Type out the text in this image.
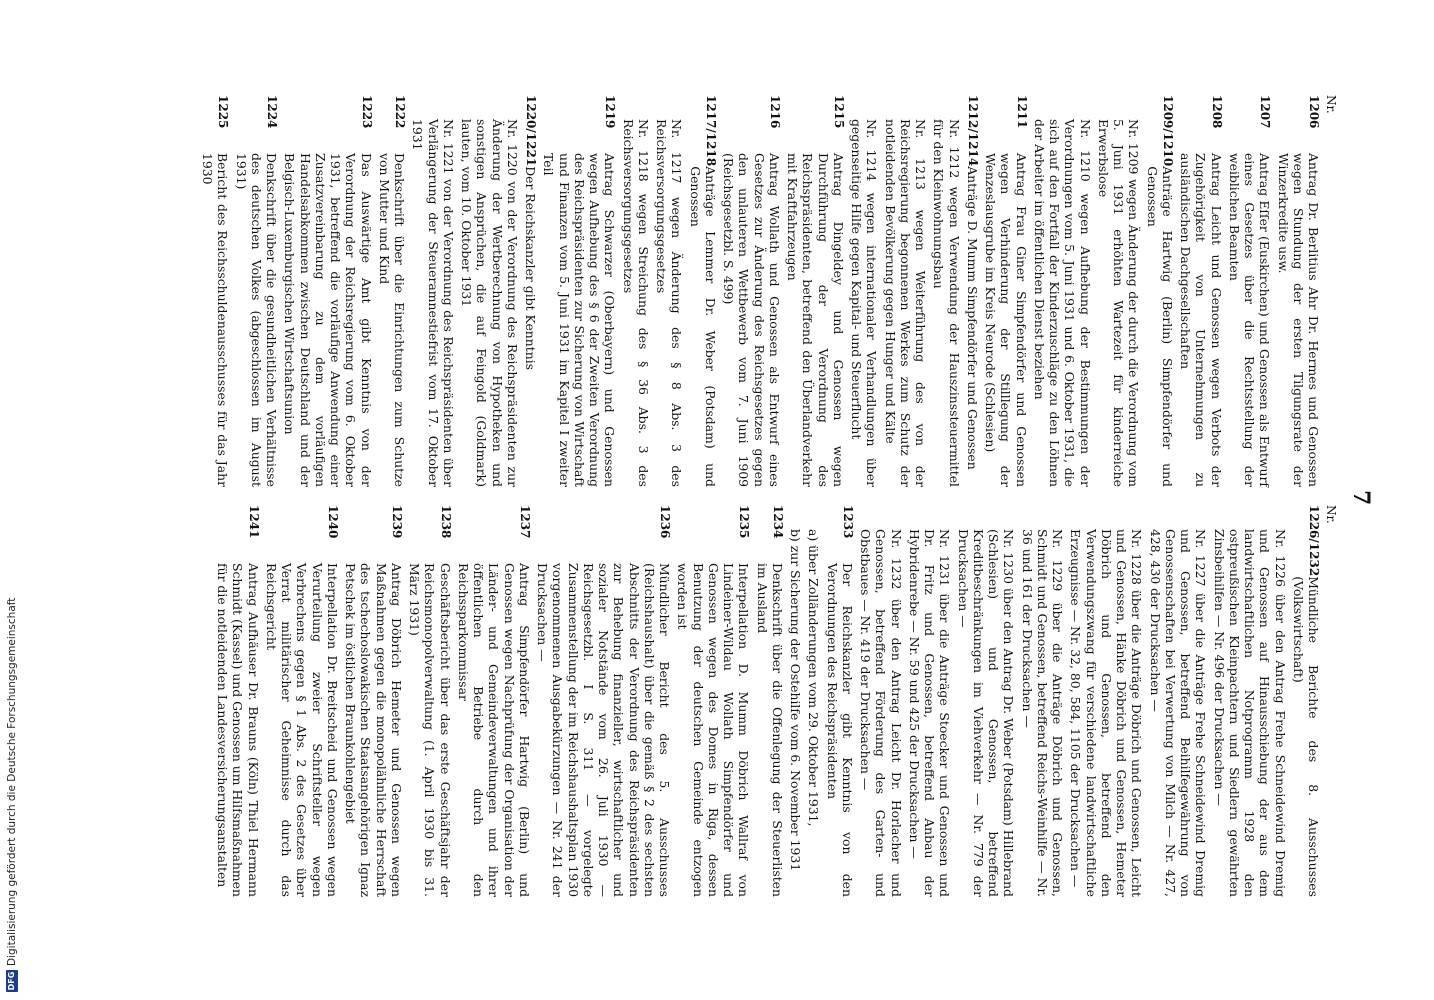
7
Nr.
1206
Antrag Dr. Berlitius Ahr Dr. Hermes und Genossen wegen Stundung der ersten Tilgungsrate der Winzerkredite usw.
1207
Antrag Eſſer (Euskirchen) und Genossen als Entwurf eines Gesetzes über die Rechtsstellung der weiblichen Beamten
1208
Antrag Leicht und Genossen wegen Verbots der Zugehörigkeit von Unternehmungen zu ausländischen Dachgesellschaften
1209/1210
Anträge Hartwig (Berlin) Simpfendörfer und Genossen
Nr. 1209 wegen Änderung der durch die Verordnung vom 5. Juni 1931 erhöhten Wartezeit für kinderreiche Erwerbslose
Nr. 1210 wegen Aufhebung der Bestimmungen der Verordnungen vom 5. Juni 1931 und 6. Oktober 1931, die sich auf den Fortfall der Kinderzuschläge zu den Löhnen der Arbeiter im öffentlichen Dienst beziehen
1211
Antrag Frau Giner Simpfendörfer und Genossen wegen Verhinderung der Stilllegung der Wenzeslausgrube im Kreis Neurode (Schlesien)
1212/1214
Anträge D. Mumm Simpfendörfer und Genossen
Nr. 1212 wegen Verwendung der Hauszinssteuermittel für den Kleinwohnungsbau
Nr. 1213 wegen Weiterführung des von der Reichsregierung begonnenen Werkes zum Schutz der notleidenden Bevölkerung gegen Hunger und Kälte
Nr. 1214 wegen internationaler Verhandlungen über gegenseitige Hilfe gegen Kapital- und Steuerflucht
1215
Antrag Dingeldey und Genossen wegen Durchführung der Verordnung des Reichspräsidenten, betreffend den Überlandverkehr mit Kraftfahrzeugen
1216
Antrag Wollath und Genossen als Entwurf eines Gesetzes zur Änderung des Reichsgesetzes gegen den unlauteren Wettbewerb vom 7. Juni 1909 (Reichsgesetzbl. S. 499)
1217/1218
Anträge Lemmer Dr. Weber (Potsdam) und Genossen
Nr. 1217 wegen Änderung des § 8 Abs. 3 des Reichsversorgungsgesetzes
Nr. 1218 wegen Streichung des § 36 Abs. 3 des Reichsversorgungsgesetzes
1219
Antrag Schwarzer (Oberbayern) und Genossen wegen Aufhebung des § 6 der Zweiten Verordnung des Reichspräsidenten zur Sicherung von Wirtschaft und Finanzen vom 5. Juni 1931 im Kapitel I zweiter Teil
1220/1221
Der Reichskanzler gibt Kenntnis
Nr. 1220 von der Verordnung des Reichspräsidenten zur Änderung der Wertberechnung von Hypotheken und sonstigen Ansprüchen, die auf Feingold (Goldmark) lauten, vom 10. Oktober 1931
Nr. 1221 von der Verordnung des Reichspräsidenten über Verlängerung der Steueramnestiefrist vom 17. Oktober 1931
1222
Denkschrift über die Einrichtungen zum Schutze von Mutter und Kind
1223
Das Auswärtige Amt gibt Kenntnis von der Verordnung der Reichsregierung vom 6. Oktober 1931, betreffend die vorläufige Anwendung einer Zusatzvereinbarung zu dem vorläufigen Handelsabkommen zwischen Deutschland und der Belgisch-Luxemburgischen Wirtschaftsunion
1224
Denkschrift über die gesundheitlichen Verhältnisse des deutschen Volkes (abgeschlossen im August 1931)
1225
Bericht des Reichsschuldenausschusses für das Jahr 1930
Nr.
1226/1232
Mündliche Berichte des 8. Ausschusses (Volkswirtschaft)
Nr. 1226 über den Antrag Frehe Schneidewind Dremig und Genossen auf Hinausschiebung der aus dem landwirtschaftlichen Notprogramm 1928 den ostpreußischen Kleinpachtern und Siedlern gewährten Zinsbeihilfen — Nr. 496 der Drucksachen —
Nr. 1227 über die Anträge Frehe Schneidewind Dremig und Genossen, betreffend Beihilfegewährung von Genossenschaften bei Verwertung von Milch — Nr. 427, 428, 430 der Drucksachen —
Nr. 1228 über die Anträge Döbrich und Genossen, Leicht und Genossen, Hänke Döbrich und Genossen, Hemeter Döbrich und Genossen, betreffend den Verwendungszwang für verschiedene landwirtschaftliche Erzeugnisse — Nr. 32, 80, 584, 1105 der Drucksachen —
Nr. 1229 über die Anträge Döbrich und Genossen, Schmidt und Genossen, betreffend Reichs-Weinhilfe — Nr. 36 und 161 der Drucksachen —
Nr. 1230 über den Antrag Dr. Weber (Potsdam) Hillebrand (Schlesien) und Genossen, betreffend Kreditbeschränkungen im Viehverkehr — Nr. 779 der Drucksachen —
Nr. 1231 über die Anträge Stoecker und Genossen und Dr. Fritz und Genossen, betreffend Anbau der Hybridenrebe — Nr. 59 und 425 der Drucksachen —
Nr. 1232 über den Antrag Leicht Dr. Horlacher und Genossen, betreffend Förderung des Garten- und Obstbaues — Nr. 419 der Drucksachen —
1233
Der Reichskanzler gibt Kenntnis von den Verordnungen des Reichspräsidenten
a) über Zolländerungen vom 29. Oktober 1931,
b) zur Sicherung der Ostehilfe vom 6. November 1931
1234
Denkschrift über die Offenlegung der Steuerlisten im Ausland
1235
Interpellation D. Mumm Döbrich Wallraf von Lindeiner-Wildau Wollath Simpfendörfer und Genossen wegen des Domes in Riga, dessen Benutzung der deutschen Gemeinde entzogen worden ist
1236
Mündlicher Bericht des 5. Ausschusses (Reichshaushalt) über die gemäß § 2 des sechsten Abschnitts der Verordnung des Reichspräsidenten zur Behebung finanzieller, wirtschaftlicher und sozialer Notstände vom 26. Juli 1930 — Reichsgesetzbl. I S. 311 — vorgelegte Zusammenstellung der im Reichshaushaltsplan 1930 vorgenommenen Ausgabekürzungen — Nr. 241 der Drucksachen —
1237
Antrag Simpfendörfer Hartwig (Berlin) und Genossen wegen Nachprüfung der Organisation der Länder- und Gemeindeverwaltungen und ihrer öffentlichen Betriebe durch den Reichssparkommissar
1238
Geschäftsbericht über das erste Geschäftsjahr der Reichsmonopolverwaltung (1. April 1930 bis 31. März 1931)
1239
Antrag Döbrich Hemeter und Genossen wegen Maßnahmen gegen die monopolähnliche Herrschaft des tschechoslowakischen Staatsangehörigen Ignaz Petschek im östlichen Braunkohlengebiet
1240
Interpellation Dr. Breitscheid und Genossen wegen Verurteilung zweier Schriftsteller wegen Verbrechens gegen § 1 Abs. 2 des Gesetzes über Verrat militärischer Geheimnisse durch das Reichsgericht
1241
Antrag Aufhäuser Dr. Brauns (Köln) Thiel Hermann Schmidt (Kassel) und Genossen um Hilfsmaßnahmen für die notleidenden Landesversicherungsanstalten
DFG
Digitalisierung gefördert durch die Deutsche Forschungsgemeinschaft
